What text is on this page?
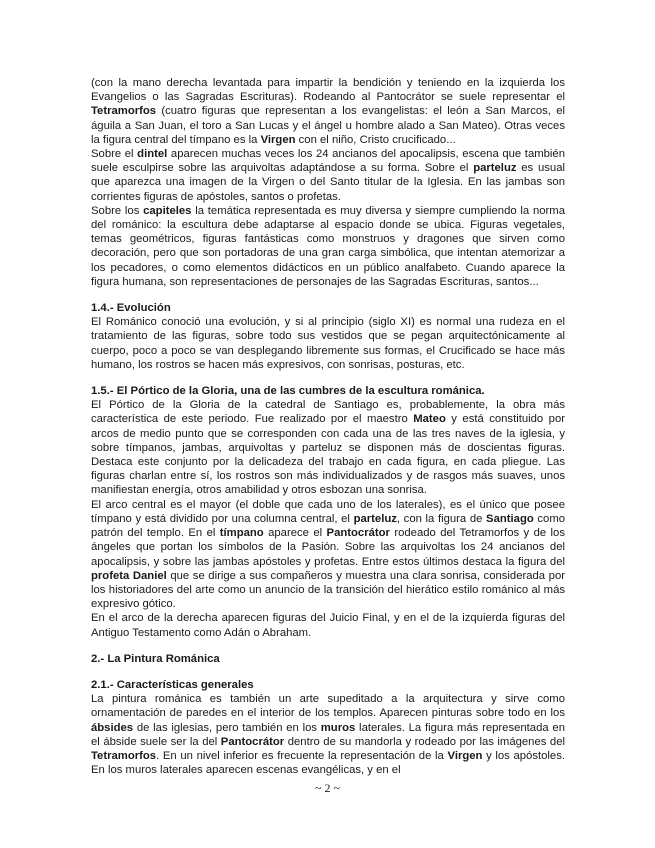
(con la mano derecha levantada para impartir la bendición y teniendo en la izquierda los Evangelios o las Sagradas Escrituras). Rodeando al Pantocrátor se suele representar el Tetramorfos (cuatro figuras que representan a los evangelistas: el león a San Marcos, el águila a San Juan, el toro a San Lucas y el ángel u hombre alado a San Mateo). Otras veces la figura central del tímpano es la Virgen con el niño, Cristo crucificado...

Sobre el dintel aparecen muchas veces los 24 ancianos del apocalipsis, escena que también suele esculpirse sobre las arquivoltas adaptándose a su forma. Sobre el parteluz es usual que aparezca una imagen de la Virgen o del Santo titular de la Iglesia. En las jambas son corrientes figuras de apóstoles, santos o profetas.

Sobre los capiteles la temática representada es muy diversa y siempre cumpliendo la norma del románico: la escultura debe adaptarse al espacio donde se ubica. Figuras vegetales, temas geométricos, figuras fantásticas como monstruos y dragones que sirven como decoración, pero que son portadoras de una gran carga simbólica, que intentan atemorizar a los pecadores, o como elementos didácticos en un público analfabeto. Cuando aparece la figura humana, son representaciones de personajes de las Sagradas Escrituras, santos...

1.4.- Evolución

El Románico conoció una evolución, y si al principio (siglo XI) es normal una rudeza en el tratamiento de las figuras, sobre todo sus vestidos que se pegan arquitectónicamente al cuerpo, poco a poco se van desplegando libremente sus formas, el Crucificado se hace más humano, los rostros se hacen más expresivos, con sonrisas, posturas, etc.

1.5.- El Pórtico de la Gloria, una de las cumbres de la escultura románica.

El Pórtico de la Gloria de la catedral de Santiago es, probablemente, la obra más característica de este periodo. Fue realizado por el maestro Mateo y está constituido por arcos de medio punto que se corresponden con cada una de las tres naves de la iglesia, y sobre tímpanos, jambas, arquivoltas y parteluz se disponen más de doscientas figuras. Destaca este conjunto por la delicadeza del trabajo en cada figura, en cada pliegue. Las figuras charlan entre sí, los rostros son más individualizados y de rasgos más suaves, unos manifiestan energía, otros amabilidad y otros esbozan una sonrisa.

El arco central es el mayor (el doble que cada uno de los laterales), es el único que posee tímpano y está dividido por una columna central, el parteluz, con la figura de Santiago como patrón del templo. En el tímpano aparece el Pantocrátor rodeado del Tetramorfos y de los ángeles que portan los símbolos de la Pasión. Sobre las arquivoltas los 24 ancianos del apocalipsis, y sobre las jambas apóstoles y profetas. Entre estos últimos destaca la figura del profeta Daniel que se dirige a sus compañeros y muestra una clara sonrisa, considerada por los historiadores del arte como un anuncio de la transición del hierático estilo románico al más expresivo gótico.

En el arco de la derecha aparecen figuras del Juicio Final, y en el de la izquierda figuras del Antiguo Testamento como Adán o Abraham.

2.- La Pintura Románica
2.1.- Características generales

La pintura románica es también un arte supeditado a la arquitectura y sirve como ornamentación de paredes en el interior de los templos. Aparecen pinturas sobre todo en los ábsides de las iglesias, pero también en los muros laterales. La figura más representada en el ábside suele ser la del Pantocrátor dentro de su mandorla y rodeado por las imágenes del Tetramorfos. En un nivel inferior es frecuente la representación de la Virgen y los apóstoles. En los muros laterales aparecen escenas evangélicas, y en el

~ 2 ~
